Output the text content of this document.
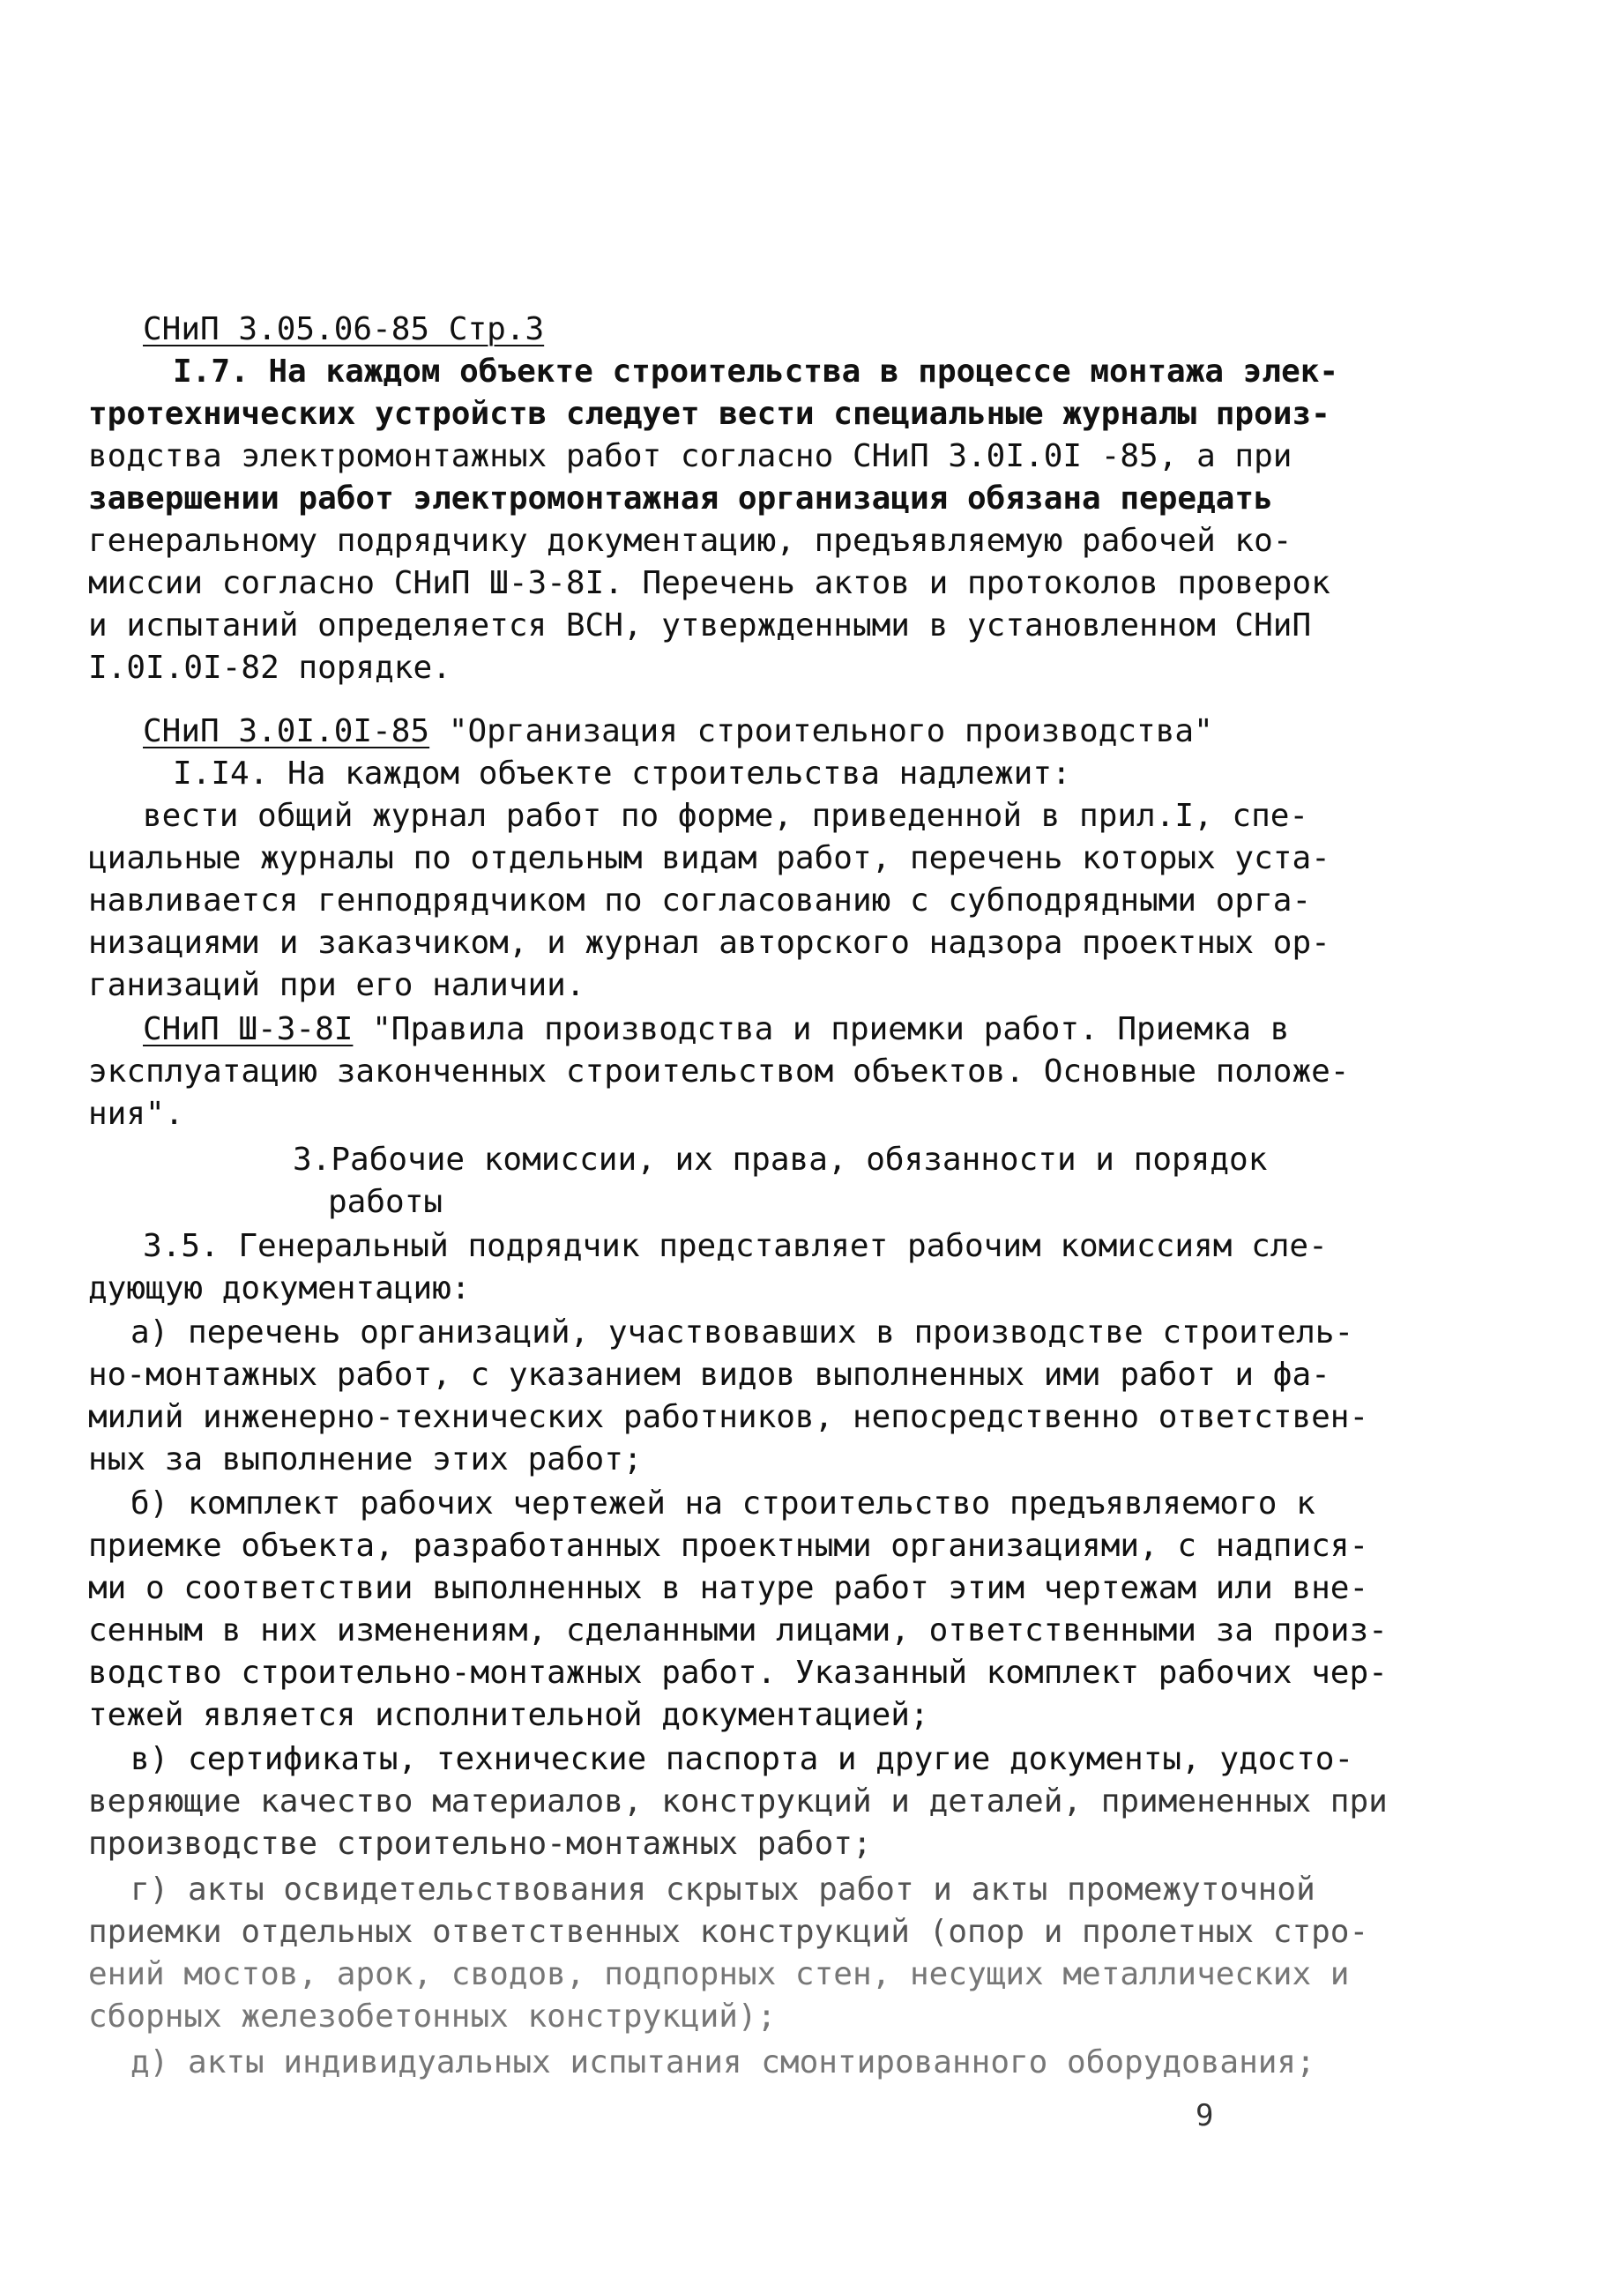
СНиП 3.05.06-85 Стр.3
I.7. На каждом объекте строительства в процессе монтажа элек-
тротехнических устройств следует вести специальные журналы произ-
водства электромонтажных работ согласно СНиП 3.0I.0I -85, а при
завершении работ электромонтажная организация обязана передать
генеральному подрядчику документацию, предъявляемую рабочей ко-
миссии согласно СНиП Ш-3-8I. Перечень актов и протоколов проверок
и испытаний определяется ВСН, утвержденными в установленном СНиП
I.0I.0I-82 порядке.
СНиП 3.0I.0I-85 "Организация строительного производства"
I.I4. На каждом объекте строительства надлежит:
вести общий журнал работ по форме, приведенной в прил.I, спе-
циальные журналы по отдельным видам работ, перечень которых уста-
навливается генподрядчиком по согласованию с субподрядными орга-
низациями и заказчиком, и журнал авторского надзора проектных ор-
ганизаций при его наличии.
СНиП Ш-3-8I "Правила производства и приемки работ. Приемка в
эксплуатацию законченных строительством объектов. Основные положе-
ния".
3.Рабочие комиссии, их права, обязанности и порядок
работы
3.5. Генеральный подрядчик представляет рабочим комиссиям сле-
дующую документацию:
а) перечень организаций, участвовавших в производстве строитель-
но-монтажных работ, с указанием видов выполненных ими работ и фа-
милий инженерно-технических работников, непосредственно ответствен-
ных за выполнение этих работ;
б) комплект рабочих чертежей на строительство предъявляемого к
приемке объекта, разработанных проектными организациями, с надпися-
ми о соответствии выполненных в натуре работ этим чертежам или вне-
сенным в них изменениям, сделанными лицами, ответственными за произ-
водство строительно-монтажных работ. Указанный комплект рабочих чер-
тежей является исполнительной документацией;
в) сертификаты, технические паспорта и другие документы, удосто-
веряющие качество материалов, конструкций и деталей, примененных при
производстве строительно-монтажных работ;
г) акты освидетельствования скрытых работ и акты промежуточной
приемки отдельных ответственных конструкций (опор и пролетных стро-
ений мостов, арок, сводов, подпорных стен, несущих металлических и
сборных железобетонных конструкций);
д) акты индивидуальных испытания смонтированного оборудования;
9
